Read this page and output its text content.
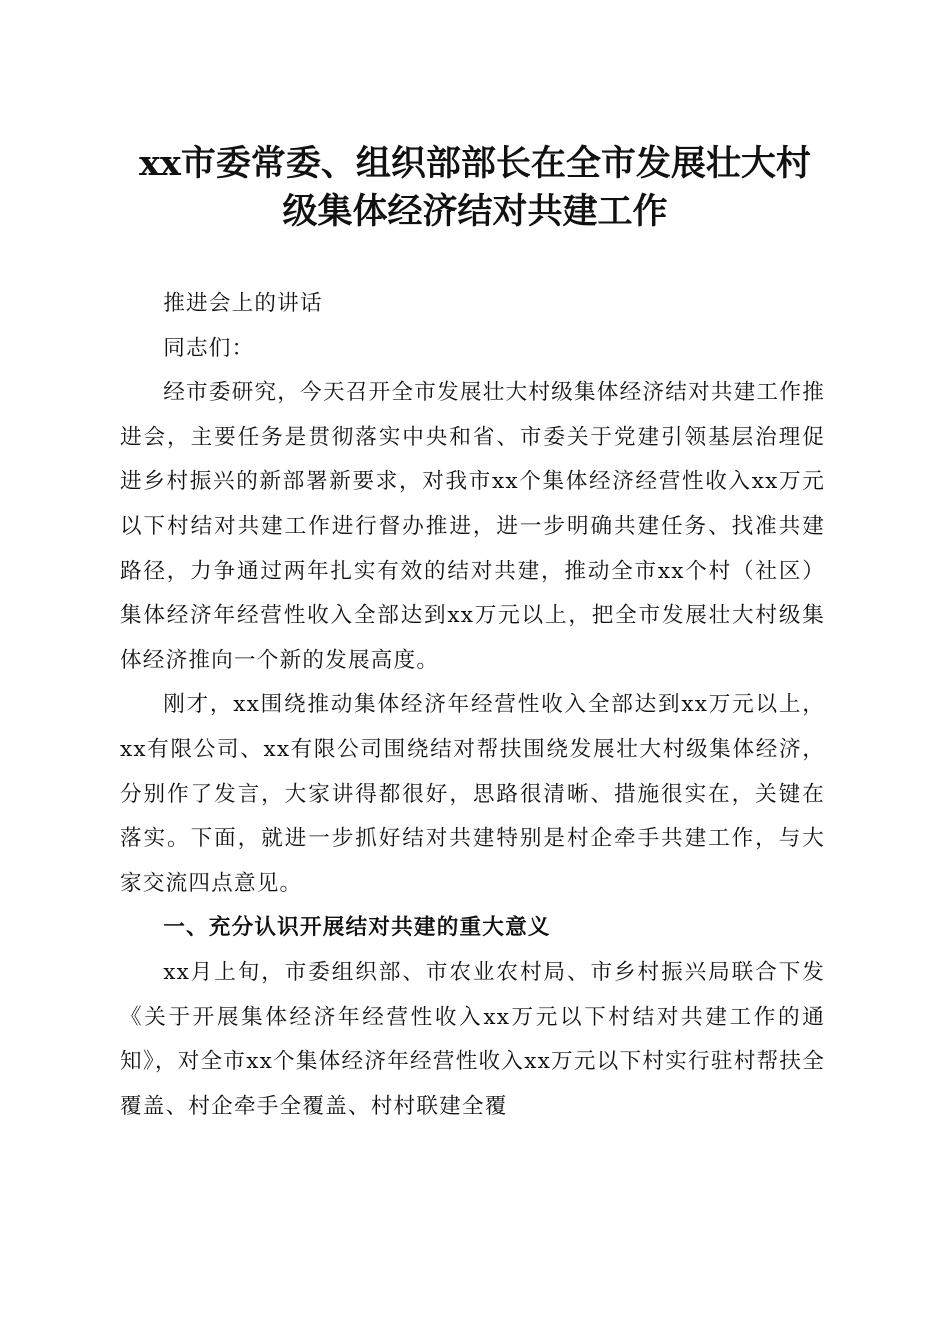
xx市委常委、组织部部长在全市发展壮大村
级集体经济结对共建工作

推进会上的讲话

同志们：

经市委研究，今天召开全市发展壮大村级集体经济结对共建工作推进会，主要任务是贯彻落实中央和省、市委关于党建引领基层治理促进乡村振兴的新部署新要求，对我市xx个集体经济经营性收入xx万元以下村结对共建工作进行督办推进，进一步明确共建任务、找准共建路径，力争通过两年扎实有效的结对共建，推动全市xx个村（社区）集体经济年经营性收入全部达到xx万元以上，把全市发展壮大村级集体经济推向一个新的发展高度。

刚才，xx围绕推动集体经济年经营性收入全部达到xx万元以上，xx有限公司、xx有限公司围绕结对帮扶围绕发展壮大村级集体经济，分别作了发言，大家讲得都很好，思路很清晰、措施很实在，关键在落实。下面，就进一步抓好结对共建特别是村企牵手共建工作，与大家交流四点意见。

一、充分认识开展结对共建的重大意义

xx月上旬，市委组织部、市农业农村局、市乡村振兴局联合下发《关于开展集体经济年经营性收入xx万元以下村结对共建工作的通知》，对全市xx个集体经济年经营性收入xx万元以下村实行驻村帮扶全覆盖、村企牵手全覆盖、村村联建全覆
